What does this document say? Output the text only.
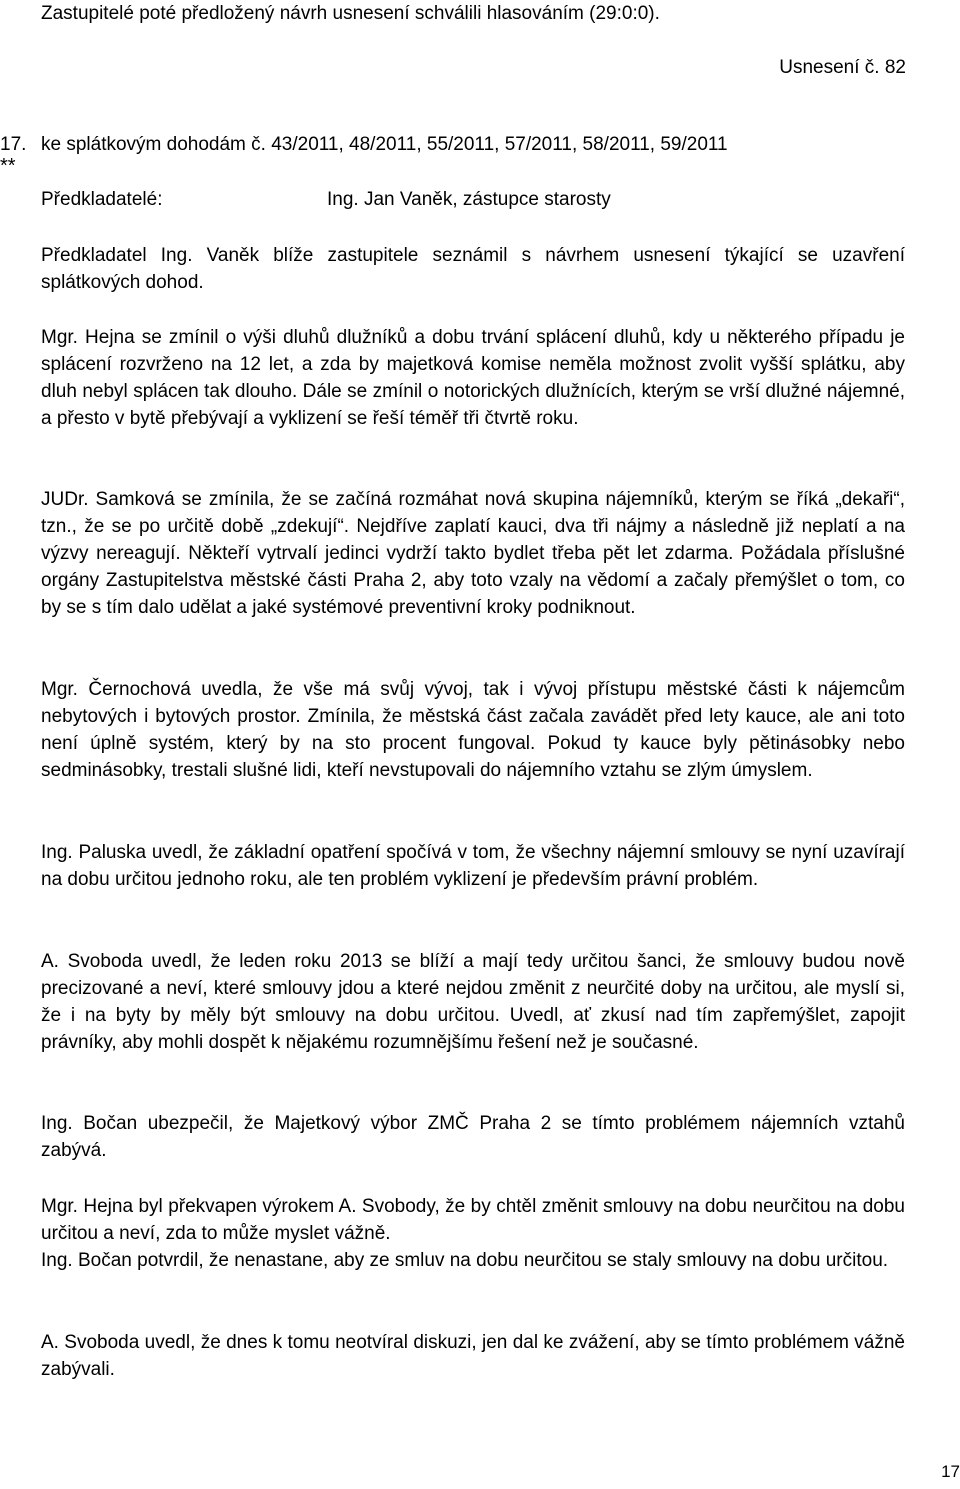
Zastupitelé poté předložený návrh usnesení schválili hlasováním (29:0:0).
Usnesení č. 82
17.
**
ke splátkovým dohodám č. 43/2011, 48/2011, 55/2011, 57/2011, 58/2011, 59/2011
Předkladatelé:	Ing. Jan Vaněk, zástupce starosty

Předkladatel Ing. Vaněk blíže zastupitele seznámil s návrhem usnesení týkající se uzavření splátkových dohod.

Mgr. Hejna se zmínil o výši dluhů dlužníků a dobu trvání splácení dluhů, kdy u některého případu je splácení rozvrženo na 12 let, a zda by majetková komise neměla možnost zvolit vyšší splátku, aby dluh nebyl splácen tak dlouho. Dále se zmínil o notorických dlužnících, kterým se vrší dlužné nájemné, a přesto v bytě přebývají a vyklizení se řeší téměř tři čtvrtě roku.

JUDr. Samková se zmínila, že se začíná rozmáhat nová skupina nájemníků, kterým se říká „dekaři“, tzn., že se po určitě době „zdekují“. Nejdříve zaplatí kauci, dva tři nájmy a následně již neplatí a na výzvy nereagují. Někteří vytrvalí jedinci vydrží takto bydlet třeba pět let zdarma. Požádala příslušné orgány Zastupitelstva městské části Praha 2, aby toto vzaly na vědomí a začaly přemýšlet o tom, co by se s tím dalo udělat a jaké systémové preventivní kroky podniknout.

Mgr. Černochová uvedla, že vše má svůj vývoj, tak i vývoj přístupu městské části k nájemcům nebytových i bytových prostor. Zmínila, že městská část začala zavádět před lety kauce, ale ani toto není úplně systém, který by na sto procent fungoval. Pokud ty kauce byly pětinásobky nebo sedminásobky, trestali slušné lidi, kteří nevstupovali do nájemního vztahu se zlým úmyslem.

Ing. Paluska uvedl, že základní opatření spočívá v tom, že všechny nájemní smlouvy se nyní uzavírají na dobu určitou jednoho roku, ale ten problém vyklizení je především právní problém.

A. Svoboda uvedl, že leden roku 2013 se blíží a mají tedy určitou šanci, že smlouvy budou nově precizované a neví, které smlouvy jdou a které nejdou změnit z neurčité doby na určitou, ale myslí si, že i na byty by měly být smlouvy na dobu určitou. Uvedl, ať zkusí nad tím zapřemýšlet, zapojit právníky, aby mohli dospět k nějakému rozumnějšímu řešení než je současné.

Ing. Bočan ubezpečil, že Majetkový výbor ZMČ Praha 2 se tímto problémem nájemních vztahů zabývá.

Mgr. Hejna byl překvapen výrokem A. Svobody, že by chtěl změnit smlouvy na dobu neurčitou na dobu určitou a neví, zda to může myslet vážně.

Ing. Bočan potvrdil, že nenastane, aby ze smluv na dobu neurčitou se staly smlouvy na dobu určitou.

A. Svoboda uvedl, že dnes k tomu neotvíral diskuzi, jen dal ke zvážení, aby se tímto problémem vážně zabývali.

17
